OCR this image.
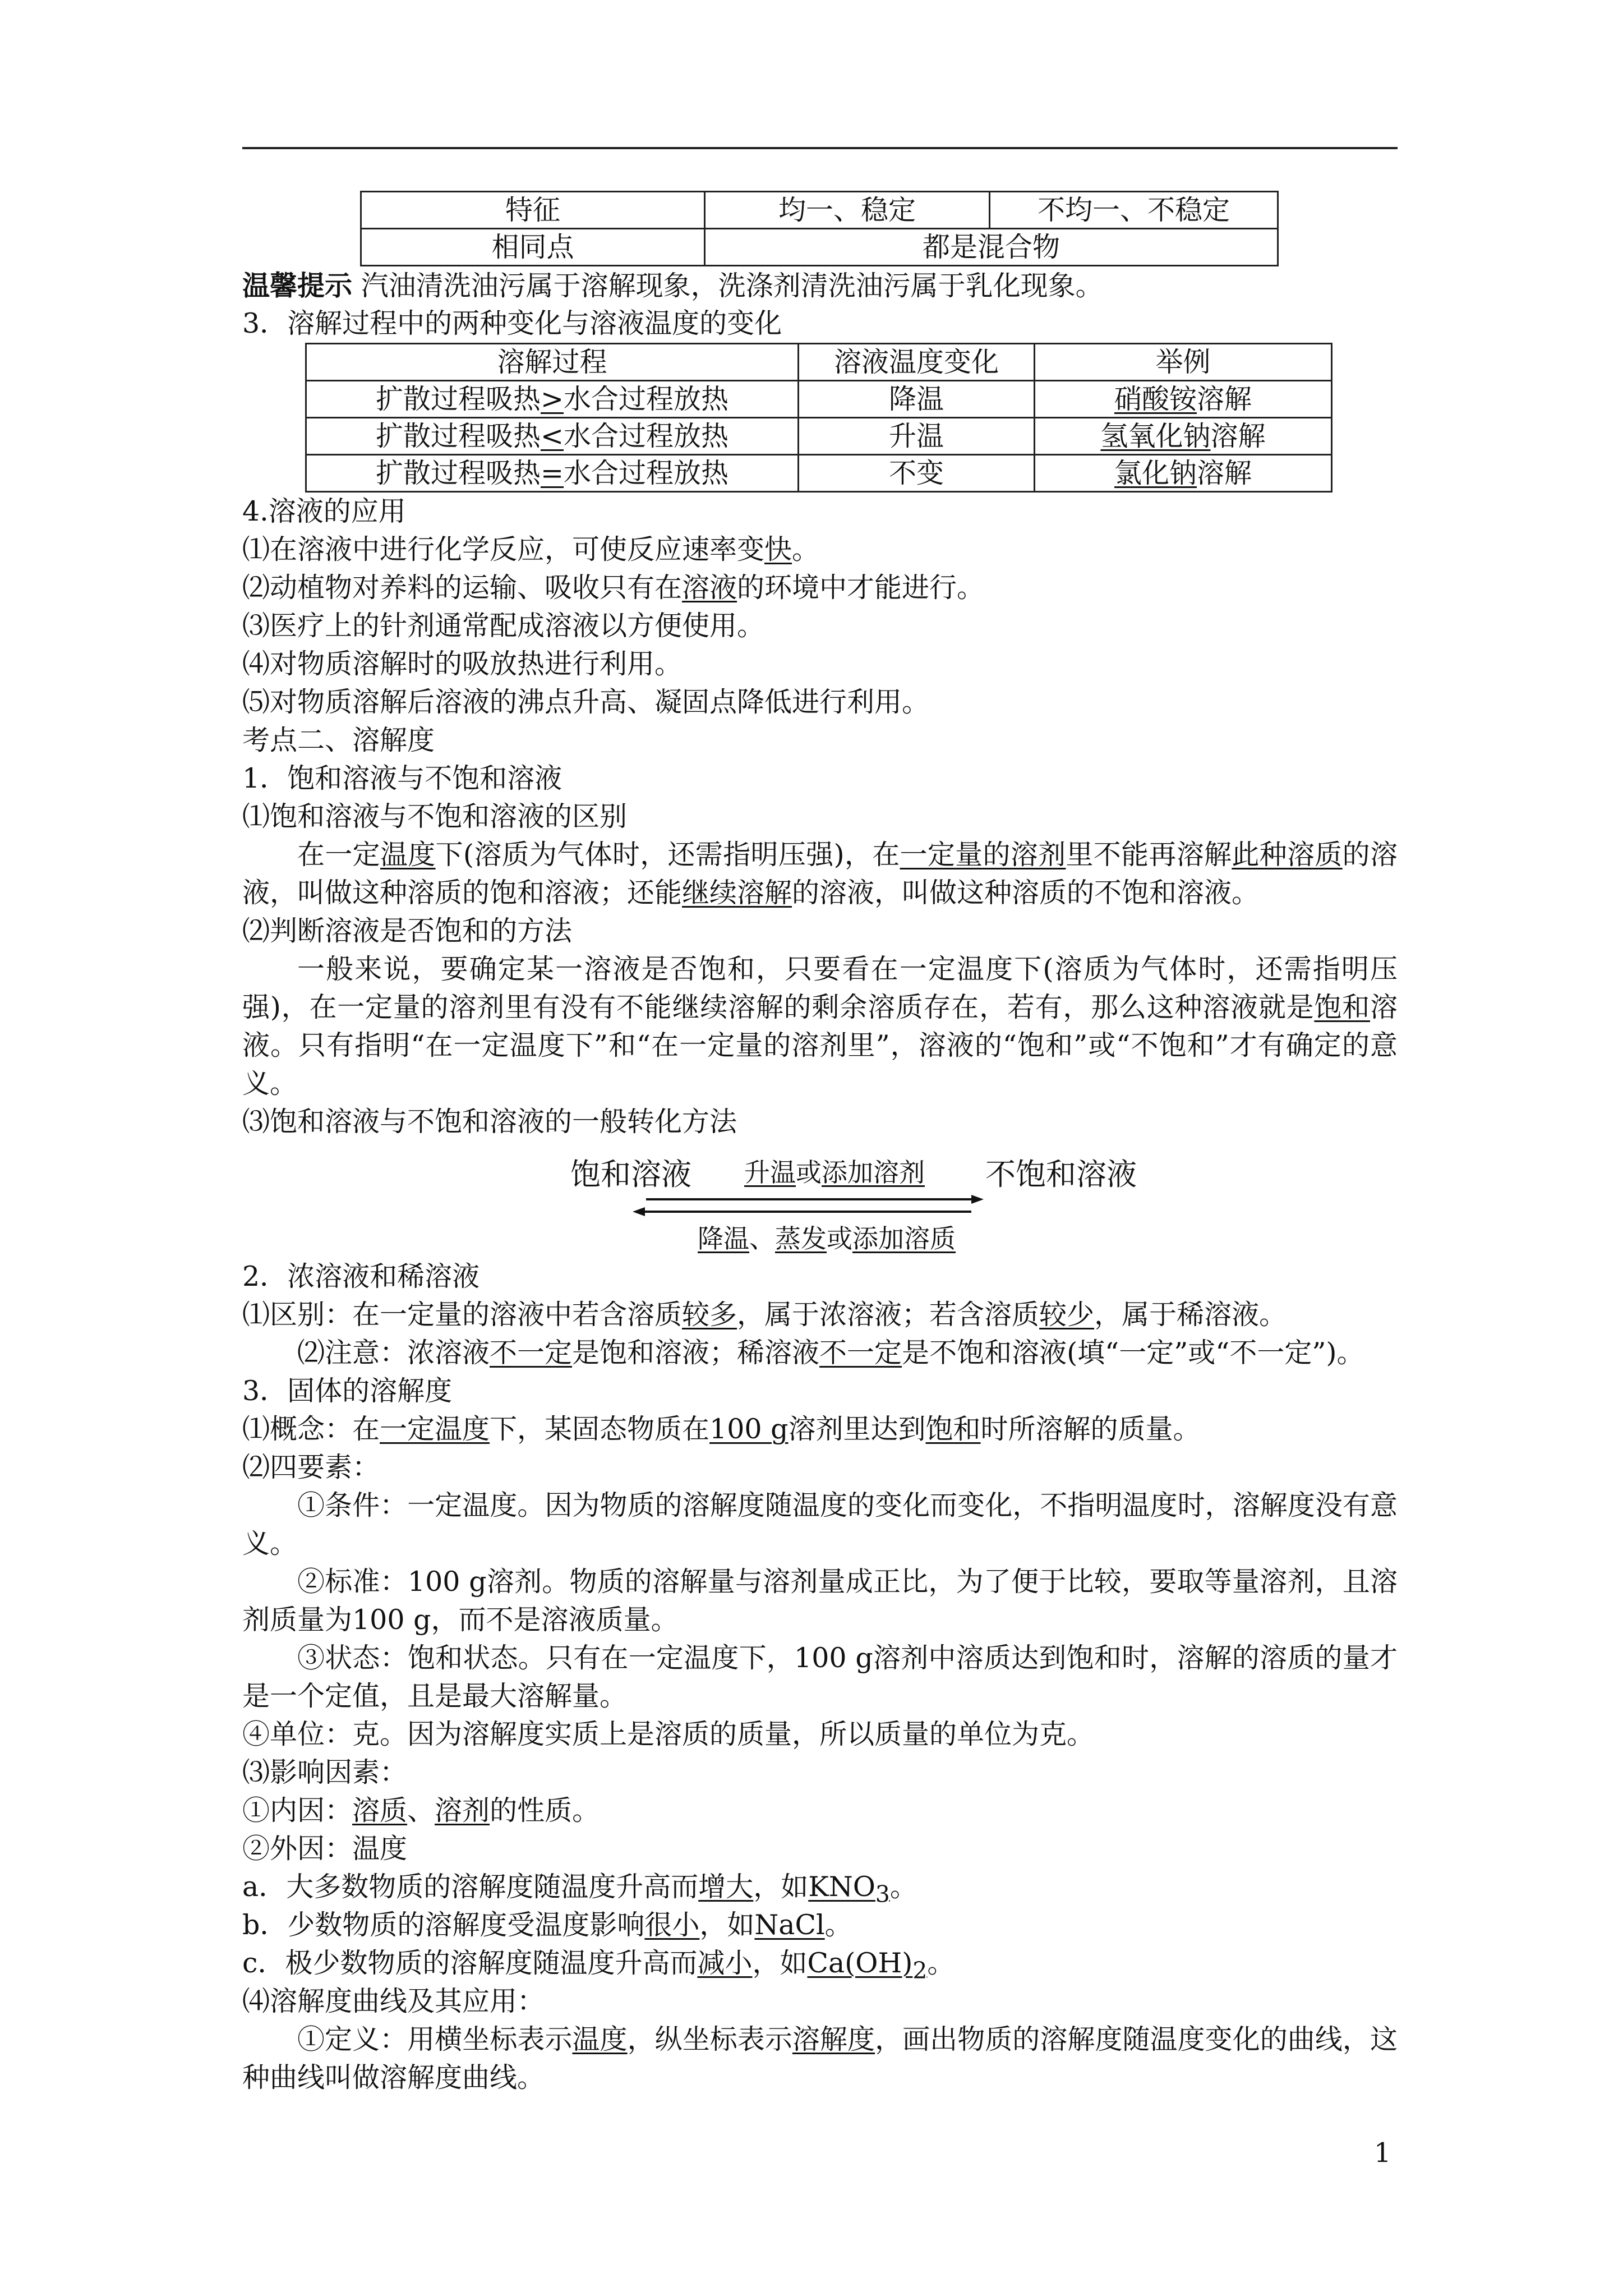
特征	均一、稳定	不均一、不稳定
相同点	都是混合物	
温馨提示 汽油清洗油污属于溶解现象，洗涤剂清洗油污属于乳化现象。
3．溶解过程中的两种变化与溶液温度的变化
溶解过程	溶液温度变化	举例
扩散过程吸热>水合过程放热	降温	硝酸铵溶解
扩散过程吸热<水合过程放热	升温	氢氧化钠溶解
扩散过程吸热=水合过程放热	不变	氯化钠溶解
4.溶液的应用
⑴在溶液中进行化学反应，可使反应速率变快。
⑵动植物对养料的运输、吸收只有在溶液的环境中才能进行。
⑶医疗上的针剂通常配成溶液以方便使用。
⑷对物质溶解时的吸放热进行利用。
⑸对物质溶解后溶液的沸点升高、凝固点降低进行利用。
考点二、溶解度
1．饱和溶液与不饱和溶液
⑴饱和溶液与不饱和溶液的区别
在一定温度下(溶质为气体时，还需指明压强)，在一定量的溶剂里不能再溶解此种溶质的溶液，叫做这种溶质的饱和溶液；还能继续溶解的溶液，叫做这种溶质的不饱和溶液。
⑵判断溶液是否饱和的方法
一般来说，要确定某一溶液是否饱和，只要看在一定温度下(溶质为气体时，还需指明压强)，在一定量的溶剂里有没有不能继续溶解的剩余溶质存在，若有，那么这种溶液就是饱和溶液。只有指明“在一定温度下”和“在一定量的溶剂里”，溶液的“饱和”或“不饱和”才有确定的意义。
⑶饱和溶液与不饱和溶液的一般转化方法
饱和溶液	不饱和溶液
升温或添加溶剂
降温、蒸发或添加溶质
2．浓溶液和稀溶液
⑴区别：在一定量的溶液中若含溶质较多，属于浓溶液；若含溶质较少，属于稀溶液。
⑵注意：浓溶液不一定是饱和溶液；稀溶液不一定是不饱和溶液(填“一定”或“不一定”)。
3．固体的溶解度
⑴概念：在一定温度下，某固态物质在100 g溶剂里达到饱和时所溶解的质量。
⑵四要素：
①条件：一定温度。因为物质的溶解度随温度的变化而变化，不指明温度时，溶解度没有意义。
②标准：100 g溶剂。物质的溶解量与溶剂量成正比，为了便于比较，要取等量溶剂，且溶剂质量为100 g，而不是溶液质量。
③状态：饱和状态。只有在一定温度下，100 g溶剂中溶质达到饱和时，溶解的溶质的量才是一个定值，且是最大溶解量。
④单位：克。因为溶解度实质上是溶质的质量，所以质量的单位为克。
⑶影响因素：
①内因：溶质、溶剂的性质。
②外因：温度
a．大多数物质的溶解度随温度升高而增大，如$KNO_3$。
b．少数物质的溶解度受温度影响很小，如NaCl。
c．极少数物质的溶解度随温度升高而减小，如$Ca(OH)_2$。
⑷溶解度曲线及其应用：
①定义：用横坐标表示温度，纵坐标表示溶解度，画出物质的溶解度随温度变化的曲线，这种曲线叫做溶解度曲线。
1
